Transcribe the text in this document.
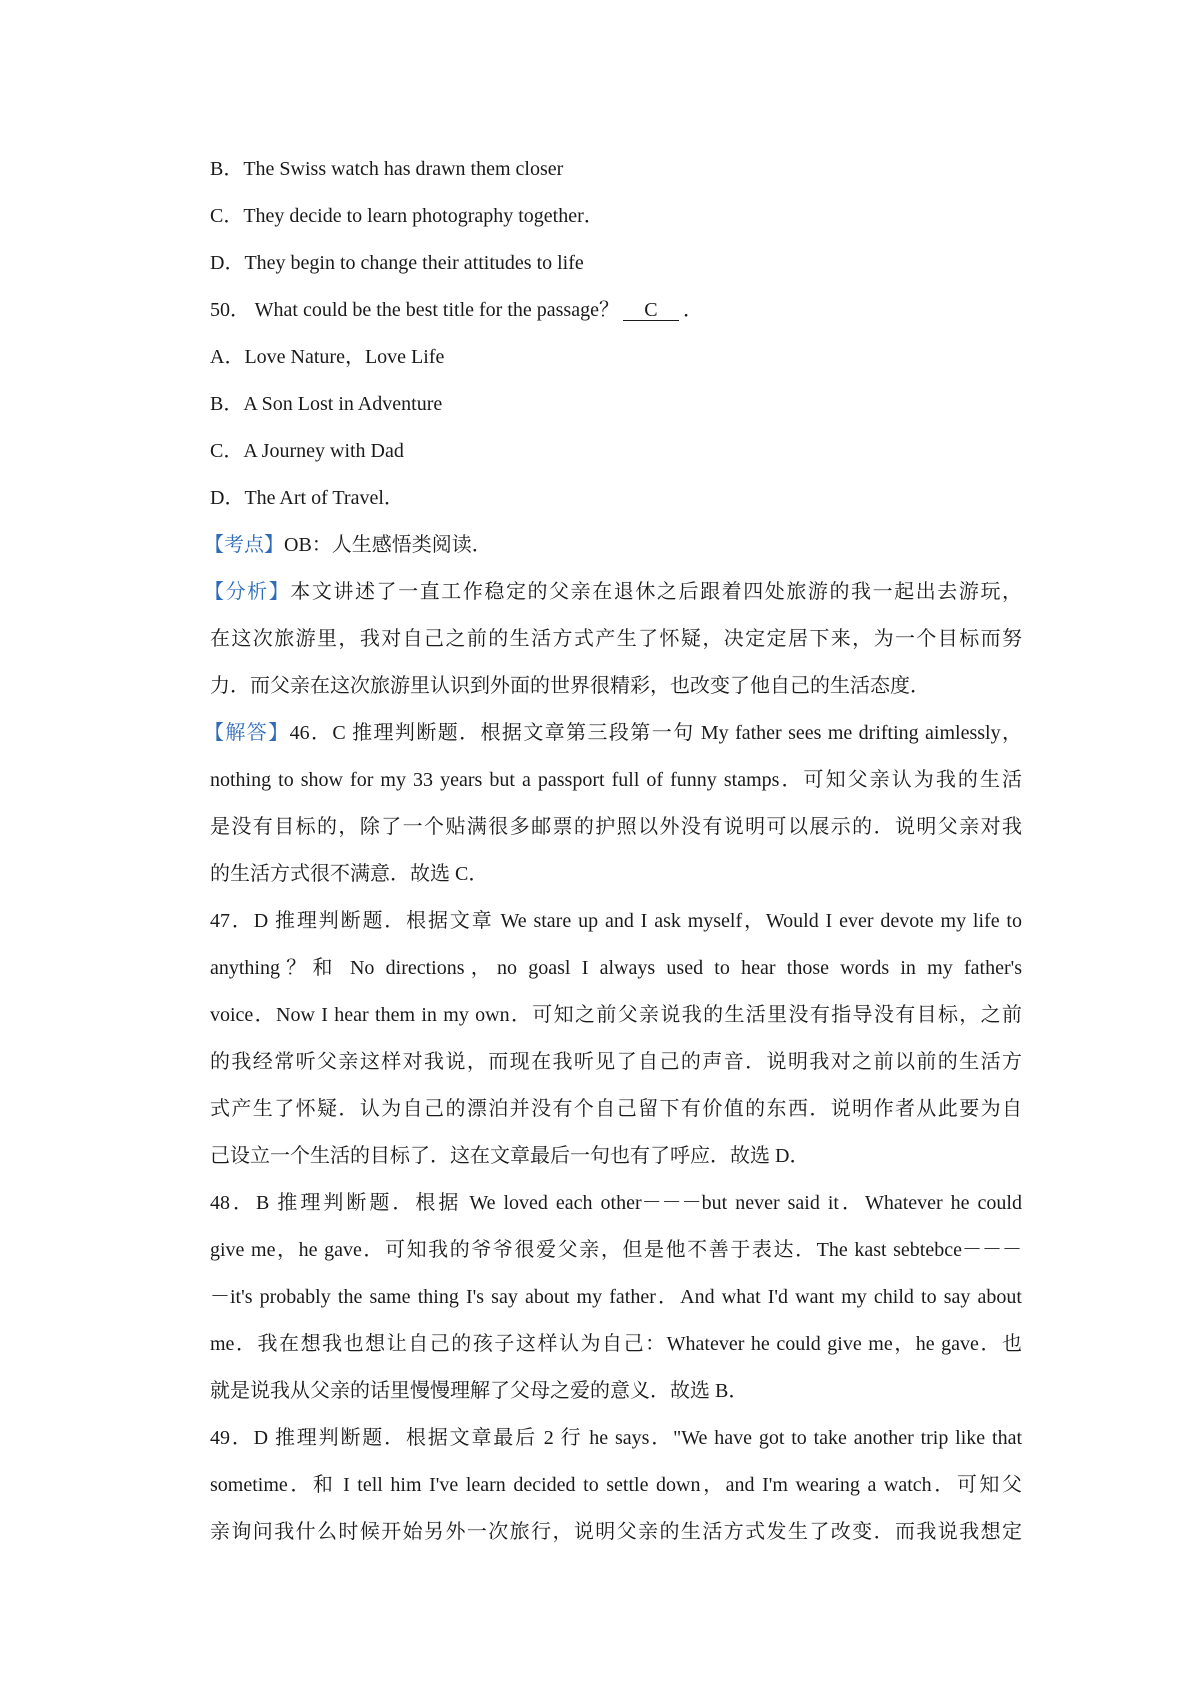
B．The Swiss watch has drawn them closer
C．They decide to learn photography together．
D．They begin to change their attitudes to life
50． What could be the best title for the passage？ C ．
A．Love Nature，Love Life
B．A Son Lost in Adventure
C．A Journey with Dad
D．The Art of Travel．
【考点】OB：人生感悟类阅读．
【分析】本文讲述了一直工作稳定的父亲在退休之后跟着四处旅游的我一起出去游玩，
在这次旅游里，我对自己之前的生活方式产生了怀疑，决定定居下来，为一个目标而努
力．而父亲在这次旅游里认识到外面的世界很精彩，也改变了他自己的生活态度．
【解答】46．C 推理判断题．根据文章第三段第一句 My father sees me drifting aimlessly，
nothing to show for my 33 years but a passport full of funny stamps．可知父亲认为我的生活
是没有目标的，除了一个贴满很多邮票的护照以外没有说明可以展示的．说明父亲对我
的生活方式很不满意．故选 C．
47．D 推理判断题．根据文章 We stare up and I ask myself，Would I ever devote my life to
anything？和 No directions，no goasl I always used to hear those words in my father's
voice．Now I hear them in my own．可知之前父亲说我的生活里没有指导没有目标，之前
的我经常听父亲这样对我说，而现在我听见了自己的声音．说明我对之前以前的生活方
式产生了怀疑．认为自己的漂泊并没有个自己留下有价值的东西．说明作者从此要为自
己设立一个生活的目标了．这在文章最后一句也有了呼应．故选 D．
48．B 推理判断题．根据 We loved each other－－－but never said it．Whatever he could
give me，he gave．可知我的爷爷很爱父亲，但是他不善于表达．The kast sebtebce－－－
－it's probably the same thing I's say about my father．And what I'd want my child to say about
me．我在想我也想让自己的孩子这样认为自己：Whatever he could give me，he gave．也
就是说我从父亲的话里慢慢理解了父母之爱的意义．故选 B．
49．D 推理判断题．根据文章最后 2 行 he says．"We have got to take another trip like that
sometime．和 I tell him I've learn decided to settle down，and I'm wearing a watch．可知父
亲询问我什么时候开始另外一次旅行，说明父亲的生活方式发生了改变．而我说我想定
